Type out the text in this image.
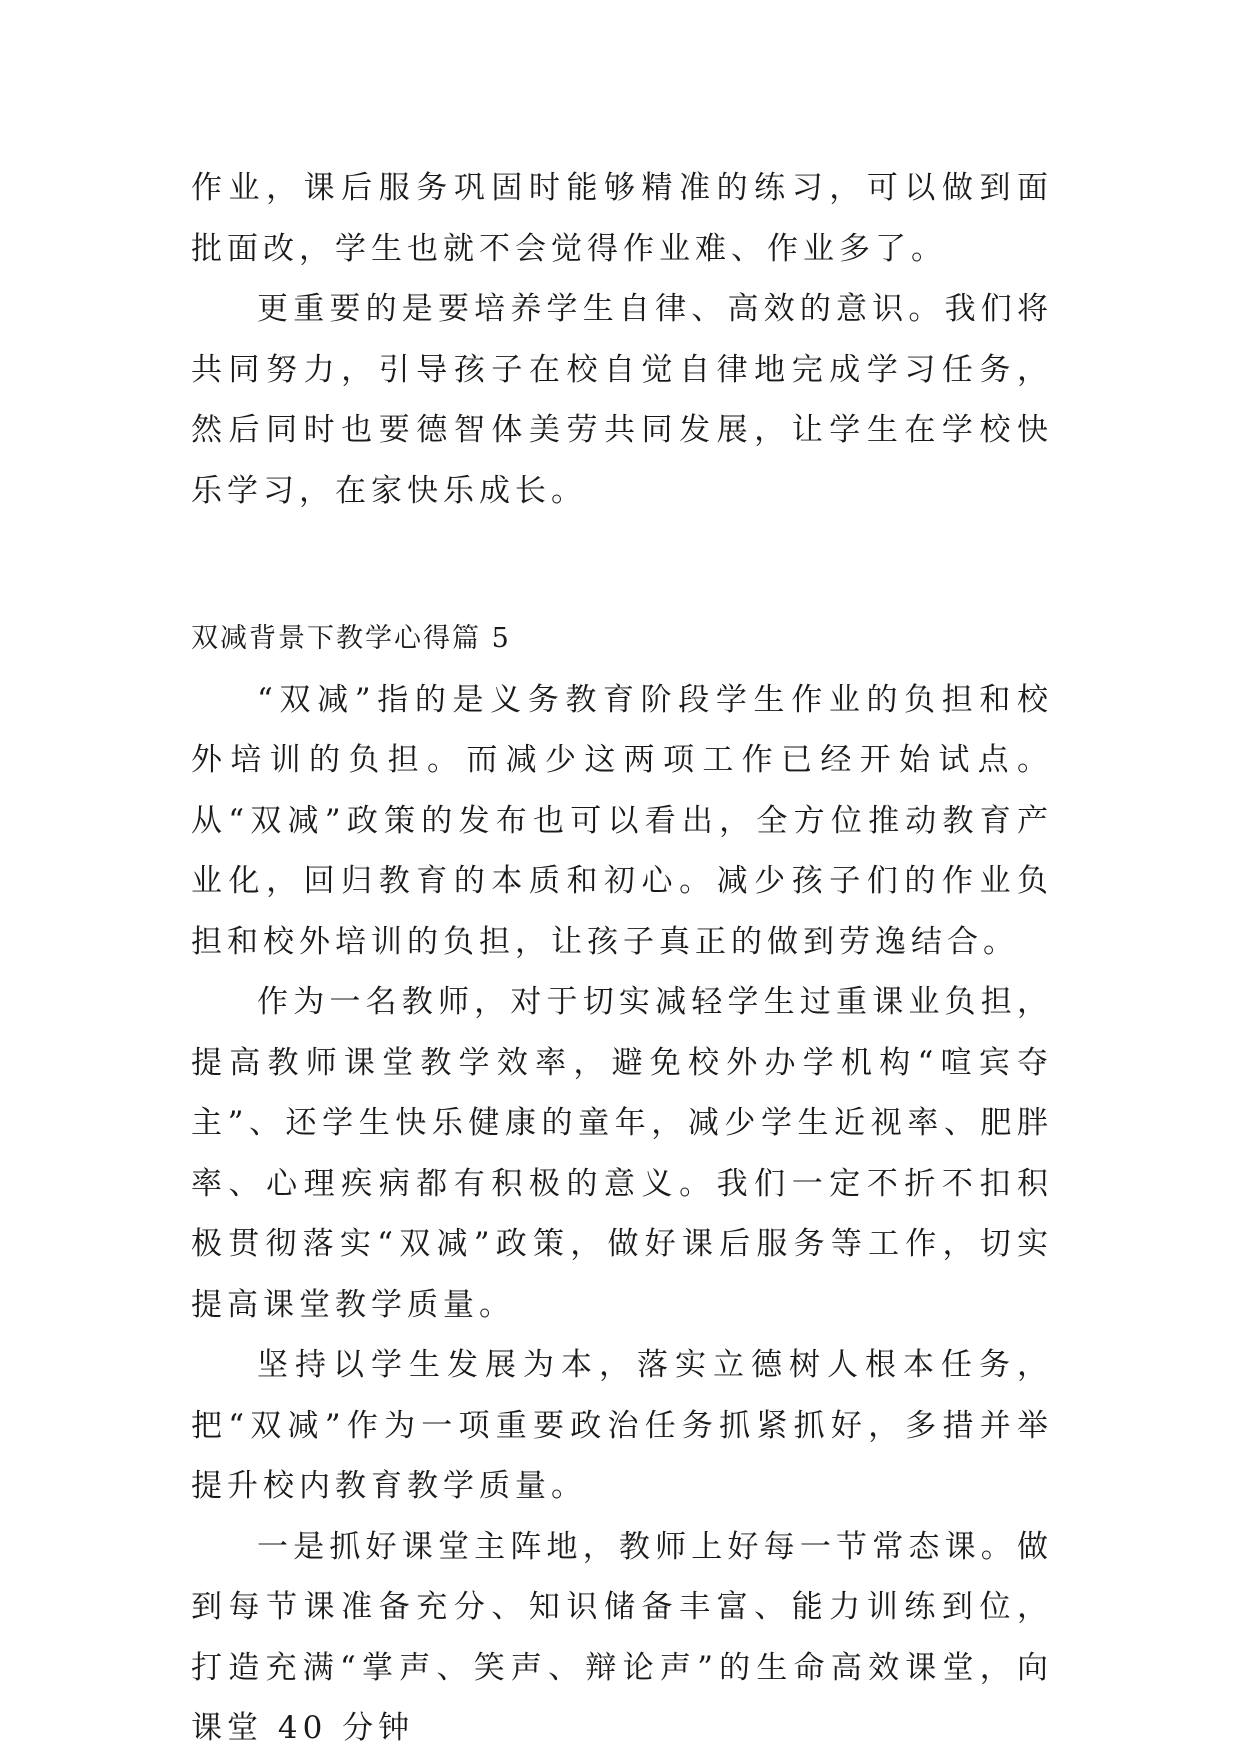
作业，课后服务巩固时能够精准的练习，可以做到面批面改，学生也就不会觉得作业难、作业多了。

更重要的是要培养学生自律、高效的意识。我们将共同努力，引导孩子在校自觉自律地完成学习任务，然后同时也要德智体美劳共同发展，让学生在学校快乐学习，在家快乐成长。

双减背景下教学心得篇 5

“双减”指的是义务教育阶段学生作业的负担和校外培训的负担。而减少这两项工作已经开始试点。从“双减”政策的发布也可以看出，全方位推动教育产业化，回归教育的本质和初心。减少孩子们的作业负担和校外培训的负担，让孩子真正的做到劳逸结合。

作为一名教师，对于切实减轻学生过重课业负担，提高教师课堂教学效率，避免校外办学机构“喧宾夺主”、还学生快乐健康的童年，减少学生近视率、肥胖率、心理疾病都有积极的意义。我们一定不折不扣积极贯彻落实“双减”政策，做好课后服务等工作，切实提高课堂教学质量。

坚持以学生发展为本，落实立德树人根本任务，把“双减”作为一项重要政治任务抓紧抓好，多措并举提升校内教育教学质量。

一是抓好课堂主阵地，教师上好每一节常态课。做到每节课准备充分、知识储备丰富、能力训练到位，打造充满“掌声、笑声、辩论声”的生命高效课堂，向课堂 40 分钟
